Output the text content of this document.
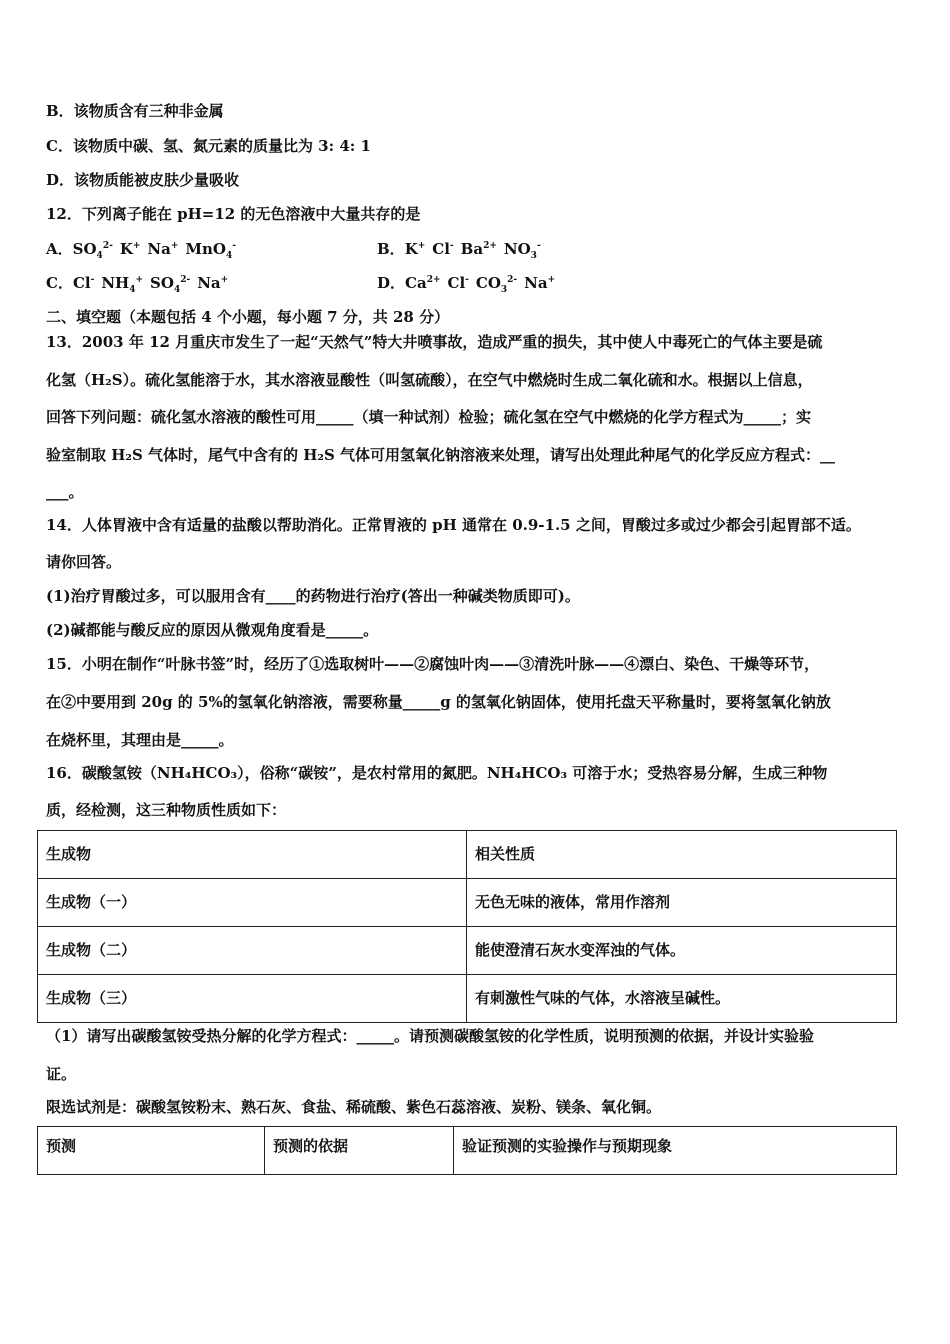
B．该物质含有三种非金属
C．该物质中碳、氢、氮元素的质量比为 3: 4: 1
D．该物质能被皮肤少量吸收
12．下列离子能在 pH=12 的无色溶液中大量共存的是
A．$SO_4^{2-}$ K+ Na+ MnO$_4$-	B．K+ Cl- $Ba^{2+}$ $NO_3^-$
C．Cl- $NH_4^+$ $SO_4^{2-}$ Na+	D．$Ca^{2+}$ Cl- $CO_3^{2-}$ Na+
二、填空题（本题包括 4 个小题，每小题 7 分，共 28 分）
13．2003 年 12 月重庆市发生了一起“天然气”特大井喷事故，造成严重的损失，其中使人中毒死亡的气体主要是硫
化氢（H₂S）。硫化氢能溶于水，其水溶液显酸性（叫氢硫酸），在空气中燃烧时生成二氧化硫和水。根据以上信息，
回答下列问题：硫化氢水溶液的酸性可用_____（填一种试剂）检验；硫化氢在空气中燃烧的化学方程式为_____；实
验室制取 H₂S 气体时，尾气中含有的 H₂S 气体可用氢氧化钠溶液来处理，请写出处理此种尾气的化学反应方程式：__
___。
14．人体胃液中含有适量的盐酸以帮助消化。正常胃液的 pH 通常在 0.9-1.5 之间，胃酸过多或过少都会引起胃部不适。
请你回答。
(1)治疗胃酸过多，可以服用含有____的药物进行治疗(答出一种碱类物质即可)。
(2)碱都能与酸反应的原因从微观角度看是_____。
15．小明在制作“叶脉书签”时，经历了①选取树叶——②腐蚀叶肉——③清洗叶脉——④漂白、染色、干燥等环节，
在②中要用到 20g 的 5%的氢氧化钠溶液，需要称量_____g 的氢氧化钠固体，使用托盘天平称量时，要将氢氧化钠放
在烧杯里，其理由是_____。
16．碳酸氢铵（NH₄HCO₃），俗称“碳铵”，是农村常用的氮肥。NH₄HCO₃ 可溶于水；受热容易分解，生成三种物
质，经检测，这三种物质性质如下：
生成物	相关性质
生成物（一）	无色无味的液体，常用作溶剂
生成物（二）	能使澄清石灰水变浑浊的气体。
生成物（三）	有刺激性气味的气体，水溶液呈碱性。
（1）请写出碳酸氢铵受热分解的化学方程式：_____。请预测碳酸氢铵的化学性质，说明预测的依据，并设计实验验
证。
限选试剂是：碳酸氢铵粉末、熟石灰、食盐、稀硫酸、紫色石蕊溶液、炭粉、镁条、氧化铜。
预测	预测的依据	验证预测的实验操作与预期现象
